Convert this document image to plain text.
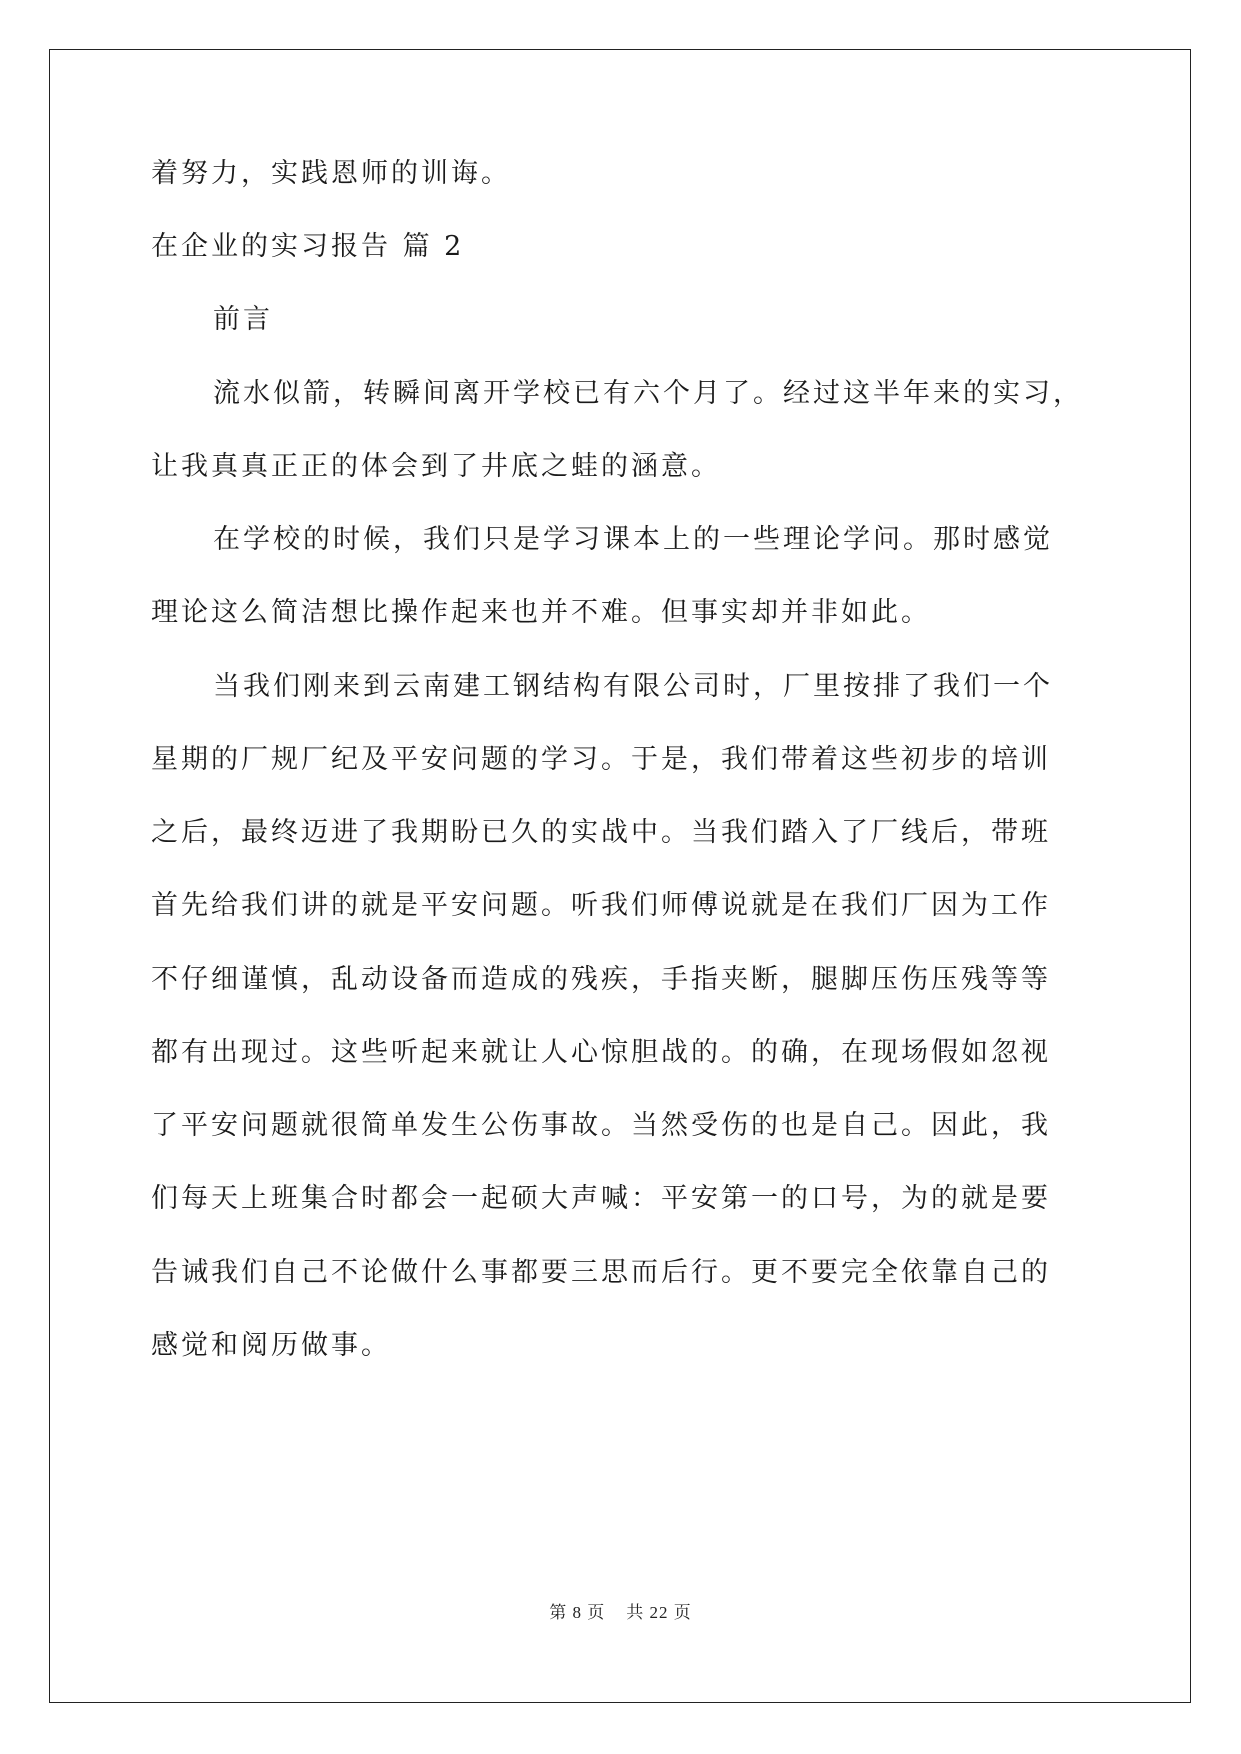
着努力，实践恩师的训诲。
在企业的实习报告 篇 2
前言
流水似箭，转瞬间离开学校已有六个月了。经过这半年来的实习，
让我真真正正的体会到了井底之蛙的涵意。
在学校的时候，我们只是学习课本上的一些理论学问。那时感觉
理论这么简洁想比操作起来也并不难。但事实却并非如此。
当我们刚来到云南建工钢结构有限公司时，厂里按排了我们一个
星期的厂规厂纪及平安问题的学习。于是，我们带着这些初步的培训
之后，最终迈进了我期盼已久的实战中。当我们踏入了厂线后，带班
首先给我们讲的就是平安问题。听我们师傅说就是在我们厂因为工作
不仔细谨慎，乱动设备而造成的残疾，手指夹断，腿脚压伤压残等等
都有出现过。这些听起来就让人心惊胆战的。的确，在现场假如忽视
了平安问题就很简单发生公伤事故。当然受伤的也是自己。因此，我
们每天上班集合时都会一起硕大声喊：平安第一的口号，为的就是要
告诫我们自己不论做什么事都要三思而后行。更不要完全依靠自己的
感觉和阅历做事。
第 8 页 共 22 页
